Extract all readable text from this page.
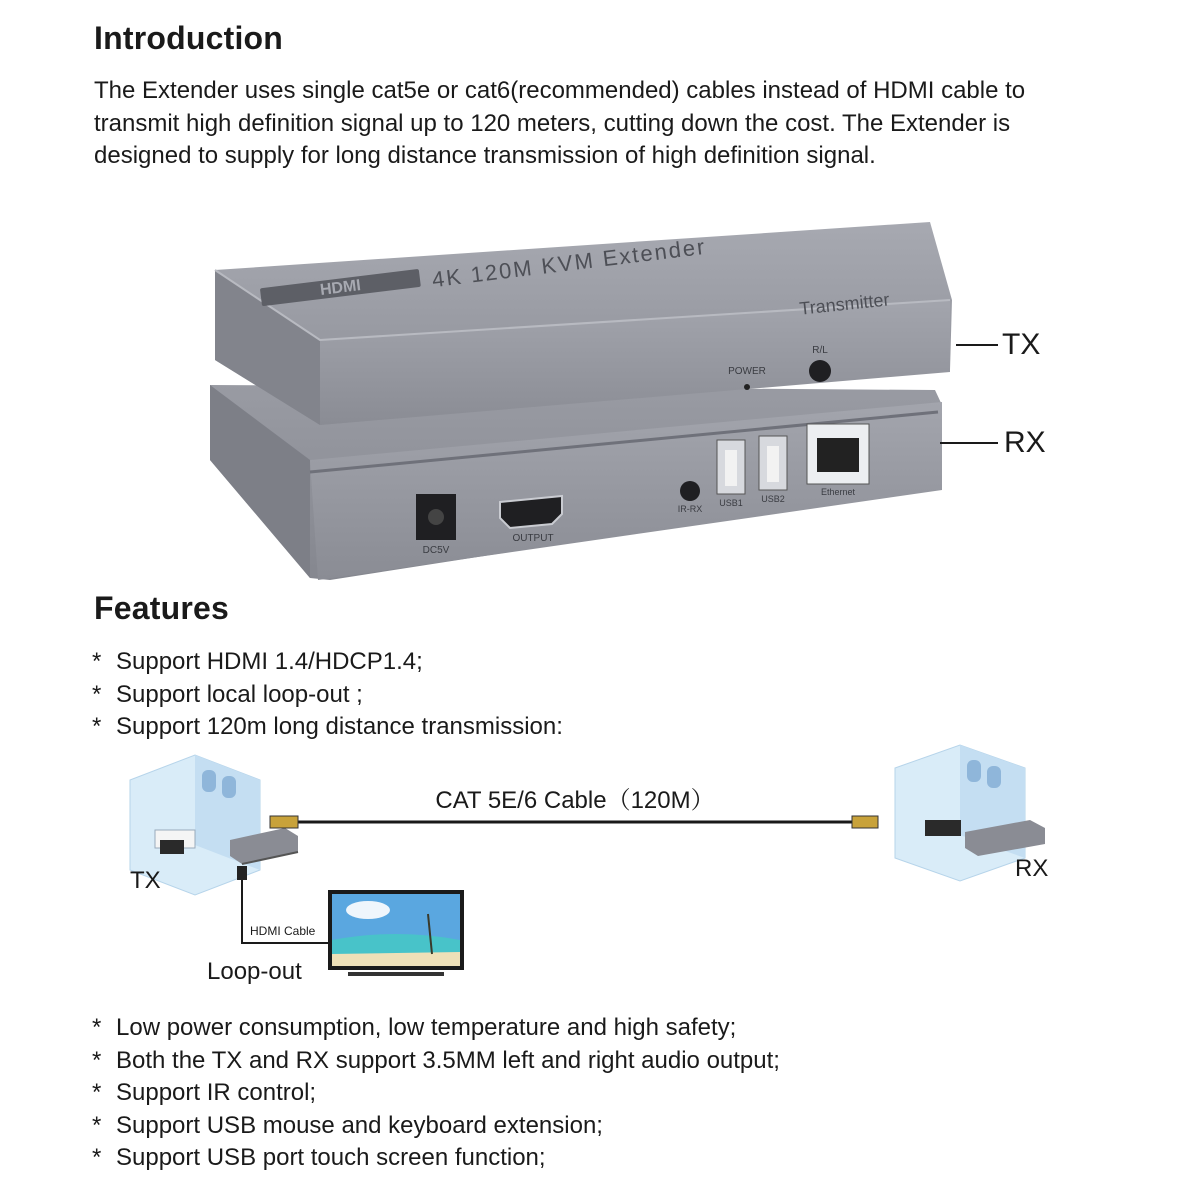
Introduction
The Extender uses single cat5e or cat6(recommended) cables instead of HDMI cable to transmit high definition signal up to 120 meters, cutting down the cost. The Extender is designed to supply for long distance transmission of high definition signal.
HDMI	4K 120M KVM Extender
Transmitter
POWER
R/L
DC5V
OUTPUT
IR-RX
USB1 USB2
Ethernet
TX
RX
Features
* Support HDMI 1.4/HDCP1.4;
* Support local loop-out ;
* Support 120m long distance transmission:
CAT 5E/6 Cable（120M）
HDMI Cable
TX	RX
Loop-out
* Low power consumption, low temperature and high safety;
* Both the TX and RX support 3.5MM left and right audio output;
* Support IR control;
* Support USB mouse and keyboard extension;
* Support USB port touch screen function;
